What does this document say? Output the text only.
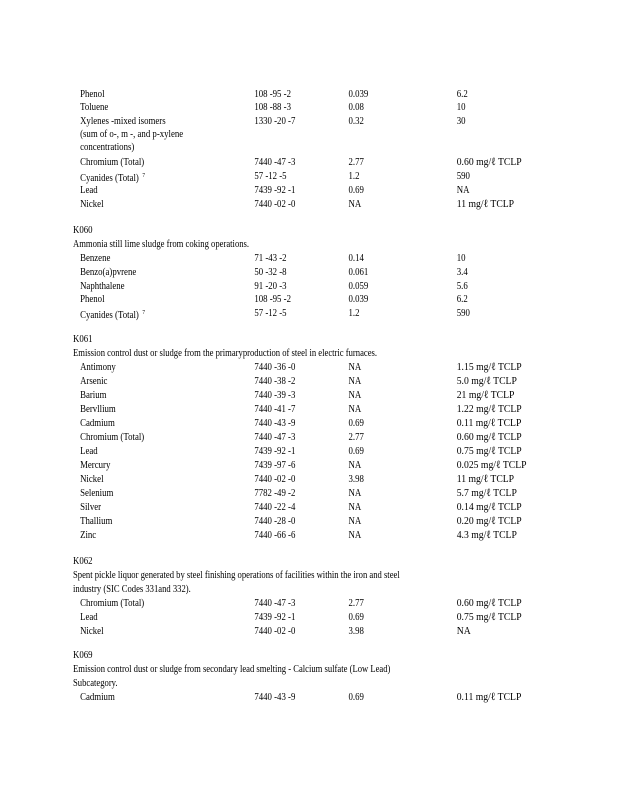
Phenol	108 -95 -2	0.039	6.2
Toluene	108 -88 -3	0.08	10
Xylenes -mixed isomers	1330 -20 -7	0.32	30
(sum of o-, m -, and p-xylene
concentrations)
Chromium (Total)	7440 -47 -3	2.77	0.60 mg/ℓ TCLP
Cyanides (Total) $^7$	57 -12 -5	1.2	590
Lead	7439 -92 -1	0.69	NA
Nickel	7440 -02 -0	NA	11 mg/ℓ TCLP
K060
Ammonia still lime sludge from coking operations.
Benzene	71 -43 -2	0.14	10
Benzo(a)pvrene	50 -32 -8	0.061	3.4
Naphthalene	91 -20 -3	0.059	5.6
Phenol	108 -95 -2	0.039	6.2
Cyanides (Total) $^7$	57 -12 -5	1.2	590
K061
Emission control dust or sludge from the primaryproduction of steel in electric furnaces.
Antimony	7440 -36 -0	NA	1.15 mg/ℓ TCLP
Arsenic	7440 -38 -2	NA	5.0 mg/ℓ TCLP
Barium	7440 -39 -3	NA	21 mg/ℓ TCLP
Bervllium	7440 -41 -7	NA	1.22 mg/ℓ TCLP
Cadmium	7440 -43 -9	0.69	0.11 mg/ℓ TCLP
Chromium (Total)	7440 -47 -3	2.77	0.60 mg/ℓ TCLP
Lead	7439 -92 -1	0.69	0.75 mg/ℓ TCLP
Mercury	7439 -97 -6	NA	0.025 mg/ℓ TCLP
Nickel	7440 -02 -0	3.98	11 mg/ℓ TCLP
Selenium	7782 -49 -2	NA	5.7 mg/ℓ TCLP
Silver	7440 -22 -4	NA	0.14 mg/ℓ TCLP
Thallium	7440 -28 -0	NA	0.20 mg/ℓ TCLP
Zinc	7440 -66 -6	NA	4.3 mg/ℓ TCLP
K062
Spent pickle liquor generated by steel finishing operations of facilities within the iron and steel
industry (SIC Codes 331and 332).
Chromium (Total)	7440 -47 -3	2.77	0.60 mg/ℓ TCLP
Lead	7439 -92 -1	0.69	0.75 mg/ℓ TCLP
Nickel	7440 -02 -0	3.98	NA
K069
Emission control dust or sludge from secondary lead smelting - Calcium sulfate (Low Lead)
Subcategory.
Cadmium	7440 -43 -9	0.69	0.11 mg/ℓ TCLP
